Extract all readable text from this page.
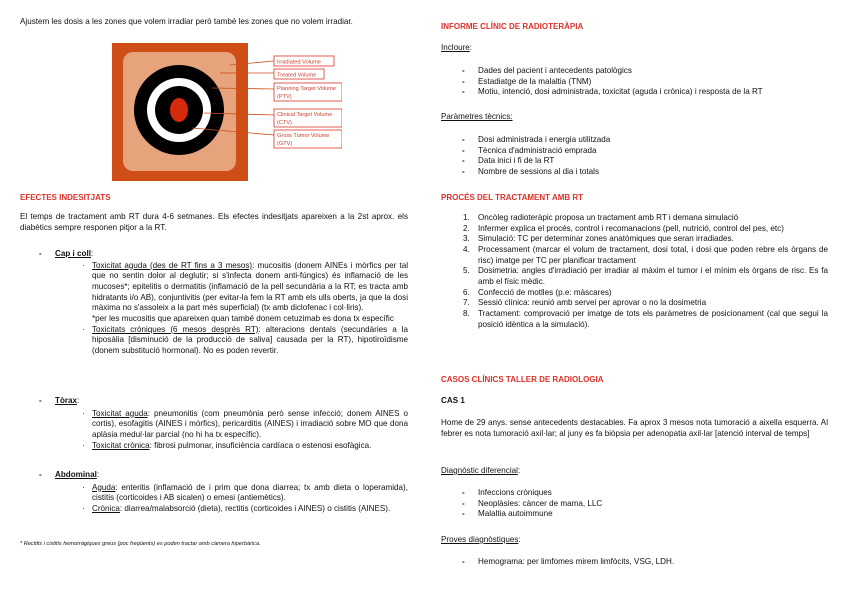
Ajustem les dosis a les zones que volem irradiar però també les zones que no volem irradiar.
Irradiated Volume
Treated Volume
Planning Target Volume
(PTV)
Clinical Target Volume
(CTV)
Gross Tumor Volume
(GTV)
EFECTES INDESITJATS
El temps de tractament amb RT dura 4-6 setmanes. Els efectes indesitjats apareixen a la 2st aprox. els diabètics sempre responen pitjor a la RT.
- Cap i coll:
· Toxicitat aguda (des de RT fins a 3 mesos): mucositis (donem AINEs i mòrfics per tal que no sentin dolor al deglutir; si s'infecta donem anti-fúngics) és inflamació de les mucoses*; epitelitis o dermatitis (inflamació de la pell secundària a la RT; es tracta amb hidratants i/o AB), conjuntivitis (per evitar-la fem la RT amb els ulls oberts, ja que la dosi màxima no s'assoleix a la part més superficial) (tx amb diclofenac i col·liris).
*per les mucositis que apareixen quan també donem cetuzimab es dona tx específic
· Toxicitats cròniques (6 mesos després RT): alteracions dentals (secundàries a la hiposàlia [disminució de la producció de saliva] causada per la RT), hipotiroïdisme (donem substitució hormonal). No es poden revertir.
- Tòrax:
· Toxicitat aguda: pneumonitis (com pneumònia però sense infecció; donem AINES o cortis), esofagitis (AINES i mòrfics), pericarditis (AINES) i irradiació sobre MO que dona aplàsia medul·lar parcial (no hi ha tx específic).
· Toxicitat crònica: fibrosi pulmonar, insuficiència cardíaca o estenosi esofàgica.
- Abdominal:
· Aguda: enteritis (inflamació de i prim que dona diarrea; tx amb dieta o loperamida), cistitis (corticoides i AB sicalen) o emesi (antiemètics).
· Crònica: diarrea/malabsorció (dieta), rectitis (corticoides i AINES) o cistitis (AINES).
* Rectitis i cistitis hemorràgiques greus (poc freqüents) es poden tractar amb càmera hiperbàrica.
INFORME CLÍNIC DE RADIOTERÀPIA
Incloure:
- Dades del pacient i antecedents patològics
- Estadiatge de la malaltia (TNM)
- Motiu, intenció, dosi administrada, toxicitat (aguda i crònica) i resposta de la RT
Paràmetres tècnics:
- Dosi administrada i energia utilitzada
- Tècnica d'administració emprada
- Data inici i fi de la RT
- Nombre de sessions al dia i totals
PROCÉS DEL TRACTAMENT AMB RT
1. Oncòleg radioteràpic proposa un tractament amb RT i demana simulació
2. Infermer explica el procés, control i recomanacions (pell, nutrició, control del pes, etc)
3. Simulació: TC per determinar zones anatòmiques que seran irradiades.
4. Processament (marcar el volum de tractament, dosi total, i dosi que poden rebre els òrgans de risc) imatge per TC per planificar tractament
5. Dosimetria: angles d'irradiació per irradiar al màxim el tumor i el mínim els òrgans de risc. Es fa amb el físic mèdic.
6. Confecció de motlles (p.e: màscares)
7. Sessió clínica: reunió amb servei per aprovar o no la dosimetria
8. Tractament: comprovació per imatge de tots els paràmetres de posicionament (cal que segui la posició idèntica a la simulació).
CASOS CLÍNICS TALLER DE RADIOLOGIA
CAS 1
Home de 29 anys. sense antecedents destacables. Fa aprox 3 mesos nota tumoració a aixella esquerra. Al febrer es nota tumoració axil·lar; al juny es fa biòpsia per adenopatia axil·lar [atenció interval de temps]
Diagnòstic diferencial:
- Infeccions cròniques
- Neoplàsies: càncer de mama, LLC
- Malaltia autoimmune
Proves diagnòstiques:
- Hemograma: per limfomes mirem limfòcits, VSG, LDH.
